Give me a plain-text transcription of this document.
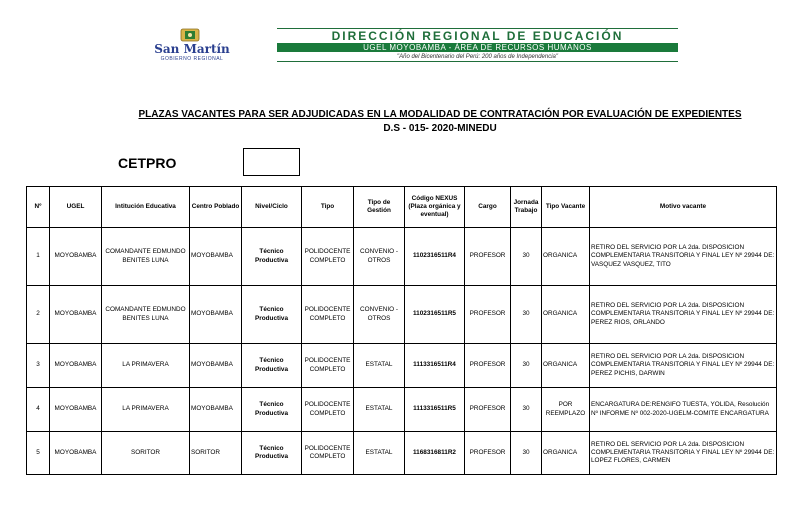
San Martín
GOBIERNO REGIONAL
DIRECCIÓN REGIONAL DE EDUCACIÓN
UGEL MOYOBAMBA - ÁREA DE RECURSOS HUMANOS
"Año del Bicentenario del Perú: 200 años de Independencia"
PLAZAS VACANTES PARA SER ADJUDICADAS EN LA MODALIDAD DE CONTRATACIÓN POR EVALUACIÓN DE EXPEDIENTES
D.S - 015- 2020-MINEDU
CETPRO
Nº	UGEL	Intitución Educativa	Centro Poblado	Nivel/Ciclo	Tipo	Tipo de Gestión	Código NEXUS (Plaza orgánica y eventual)	Cargo	Jornada Trabajo	Tipo Vacante	Motivo vacante
1	MOYOBAMBA	COMANDANTE EDMUNDO BENITES LUNA	MOYOBAMBA	Técnico Productiva	POLIDOCENTE COMPLETO	CONVENIO - OTROS	1102316511R4	PROFESOR	30	ORGANICA	RETIRO DEL SERVICIO POR LA 2da. DISPOSICION COMPLEMENTARIA TRANSITORIA Y FINAL LEY Nº 29944 DE: VASQUEZ VASQUEZ, TITO
2	MOYOBAMBA	COMANDANTE EDMUNDO BENITES LUNA	MOYOBAMBA	Técnico Productiva	POLIDOCENTE COMPLETO	CONVENIO - OTROS	1102316511R5	PROFESOR	30	ORGANICA	RETIRO DEL SERVICIO POR LA 2da. DISPOSICION COMPLEMENTARIA TRANSITORIA Y FINAL LEY Nº 29944 DE: PEREZ RIOS, ORLANDO
3	MOYOBAMBA	LA PRIMAVERA	MOYOBAMBA	Técnico Productiva	POLIDOCENTE COMPLETO	ESTATAL	1113316511R4	PROFESOR	30	ORGANICA	RETIRO DEL SERVICIO POR LA 2da. DISPOSICION COMPLEMENTARIA TRANSITORIA Y FINAL LEY Nº 29944 DE: PEREZ PICHIS, DARWIN
4	MOYOBAMBA	LA PRIMAVERA	MOYOBAMBA	Técnico Productiva	POLIDOCENTE COMPLETO	ESTATAL	1113316511R5	PROFESOR	30	POR REEMPLAZO	ENCARGATURA DE:RENGIFO TUESTA, YOLIDA, Resolución Nº INFORME Nº 002-2020-UGELM-COMITE ENCARGATURA
5	MOYOBAMBA	SORITOR	SORITOR	Técnico Productiva	POLIDOCENTE COMPLETO	ESTATAL	1168316811R2	PROFESOR	30	ORGANICA	RETIRO DEL SERVICIO POR LA 2da. DISPOSICION COMPLEMENTARIA TRANSITORIA Y FINAL LEY Nº 29944 DE: LOPEZ FLORES, CARMEN
